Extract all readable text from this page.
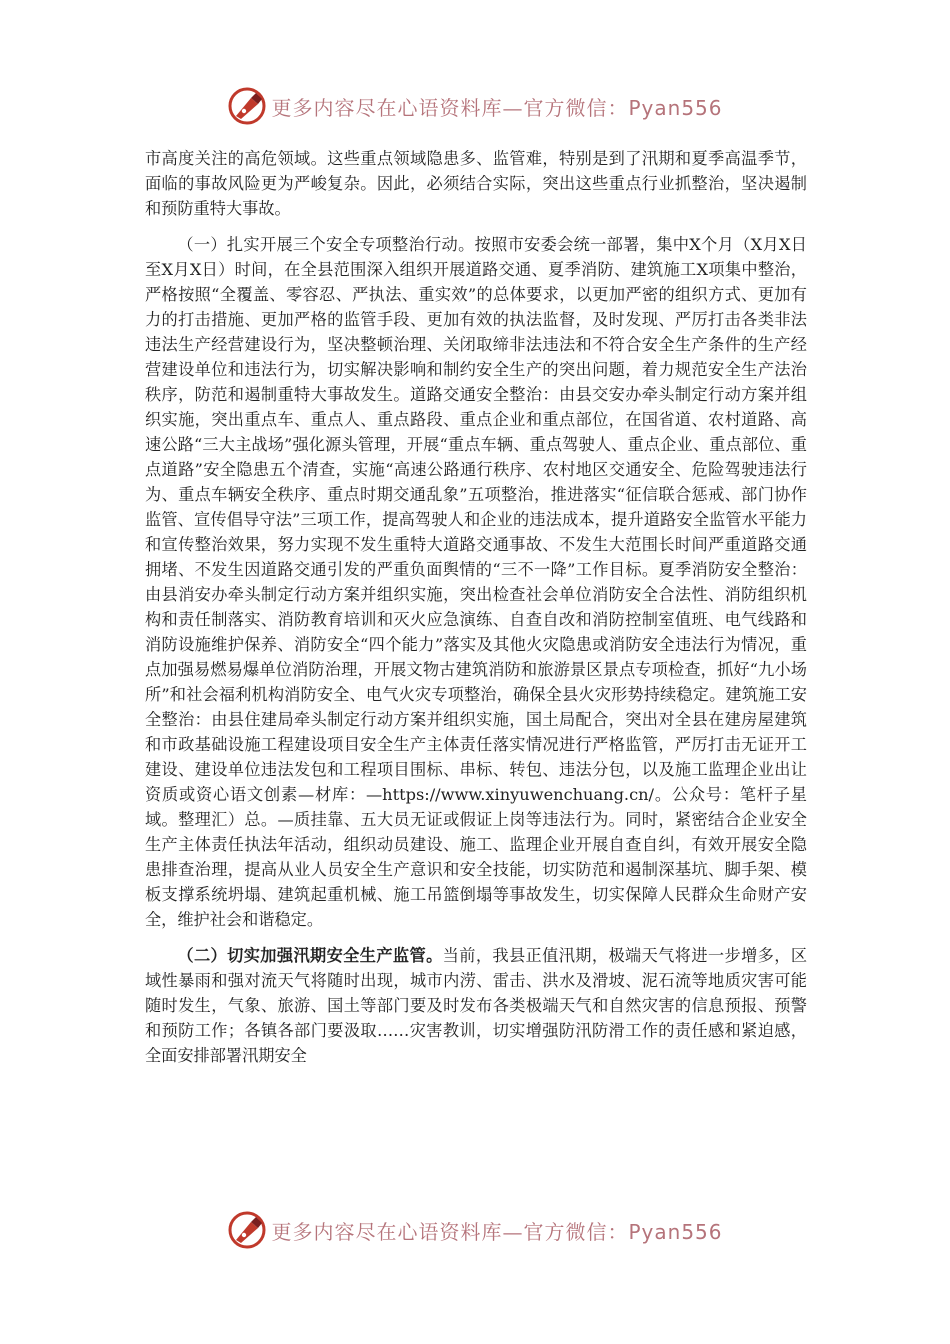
更多内容尽在心语资料库—官方微信：Pyan556

市高度关注的高危领域。这些重点领域隐患多、监管难，特别是到了汛期和夏季高温季节，面临的事故风险更为严峻复杂。因此，必须结合实际，突出这些重点行业抓整治，坚决遏制和预防重特大事故。

（一）扎实开展三个安全专项整治行动。按照市安委会统一部署，集中X个月（X月X日至X月X日）时间，在全县范围深入组织开展道路交通、夏季消防、建筑施工X项集中整治，严格按照“全覆盖、零容忍、严执法、重实效”的总体要求，以更加严密的组织方式、更加有力的打击措施、更加严格的监管手段、更加有效的执法监督，及时发现、严厉打击各类非法违法生产经营建设行为，坚决整顿治理、关闭取缔非法违法和不符合安全生产条件的生产经营建设单位和违法行为，切实解决影响和制约安全生产的突出问题，着力规范安全生产法治秩序，防范和遏制重特大事故发生。道路交通安全整治：由县交安办牵头制定行动方案并组织实施，突出重点车、重点人、重点路段、重点企业和重点部位，在国省道、农村道路、高速公路“三大主战场”强化源头管理，开展“重点车辆、重点驾驶人、重点企业、重点部位、重点道路”安全隐患五个清查，实施“高速公路通行秩序、农村地区交通安全、危险驾驶违法行为、重点车辆安全秩序、重点时期交通乱象”五项整治，推进落实“征信联合惩戒、部门协作监管、宣传倡导守法”三项工作，提高驾驶人和企业的违法成本，提升道路安全监管水平能力和宣传整治效果，努力实现不发生重特大道路交通事故、不发生大范围长时间严重道路交通拥堵、不发生因道路交通引发的严重负面舆情的“三不一降”工作目标。夏季消防安全整治：由县消安办牵头制定行动方案并组织实施，突出检查社会单位消防安全合法性、消防组织机构和责任制落实、消防教育培训和灭火应急演练、自查自改和消防控制室值班、电气线路和消防设施维护保养、消防安全“四个能力”落实及其他火灾隐患或消防安全违法行为情况，重点加强易燃易爆单位消防治理，开展文物古建筑消防和旅游景区景点专项检查，抓好“九小场所”和社会福利机构消防安全、电气火灾专项整治，确保全县火灾形势持续稳定。建筑施工安全整治：由县住建局牵头制定行动方案并组织实施，国土局配合，突出对全县在建房屋建筑和市政基础设施工程建设项目安全生产主体责任落实情况进行严格监管，严厉打击无证开工建设、建设单位违法发包和工程项目围标、串标、转包、违法分包，以及施工监理企业出让资质或资心语文创素—材库：—https://www.xinyuwenchuang.cn/。公众号：笔杆子星域。整理汇）总。—质挂靠、五大员无证或假证上岗等违法行为。同时，紧密结合企业安全生产主体责任执法年活动，组织动员建设、施工、监理企业开展自查自纠，有效开展安全隐患排查治理，提高从业人员安全生产意识和安全技能，切实防范和遏制深基坑、脚手架、模板支撑系统坍塌、建筑起重机械、施工吊篮倒塌等事故发生，切实保障人民群众生命财产安全，维护社会和谐稳定。

（二）切实加强汛期安全生产监管。当前，我县正值汛期，极端天气将进一步增多，区域性暴雨和强对流天气将随时出现，城市内涝、雷击、洪水及滑坡、泥石流等地质灾害可能随时发生，气象、旅游、国土等部门要及时发布各类极端天气和自然灾害的信息预报、预警和预防工作；各镇各部门要汲取……灾害教训，切实增强防汛防滑工作的责任感和紧迫感，全面安排部署汛期安全

更多内容尽在心语资料库—官方微信：Pyan556
